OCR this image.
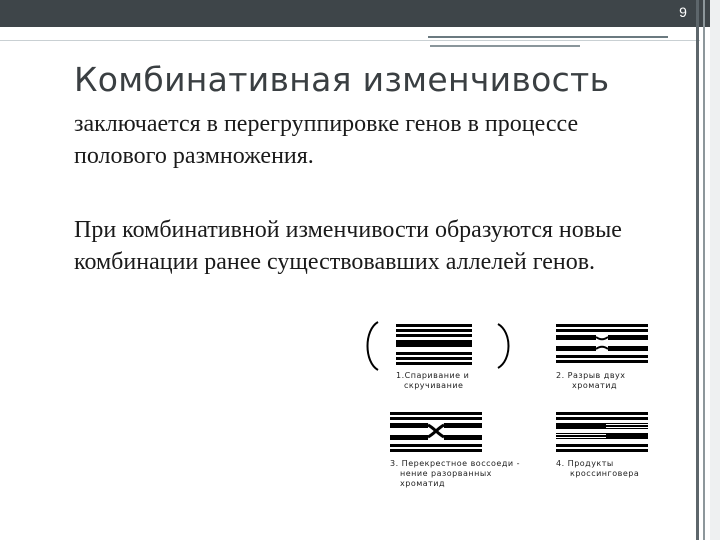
9
Комбинативная изменчивость

заключается в перегруппировке генов в процессе полового размножения.

При комбинативной изменчивости образуются новые комбинации ранее существовавших аллелей генов.

1.Спаривание и
скручивание
2. Разрыв двух
хроматид
3. Перекрестное воссоеди -
нение разорванных
хроматид
4. Продукты
кроссинговера
